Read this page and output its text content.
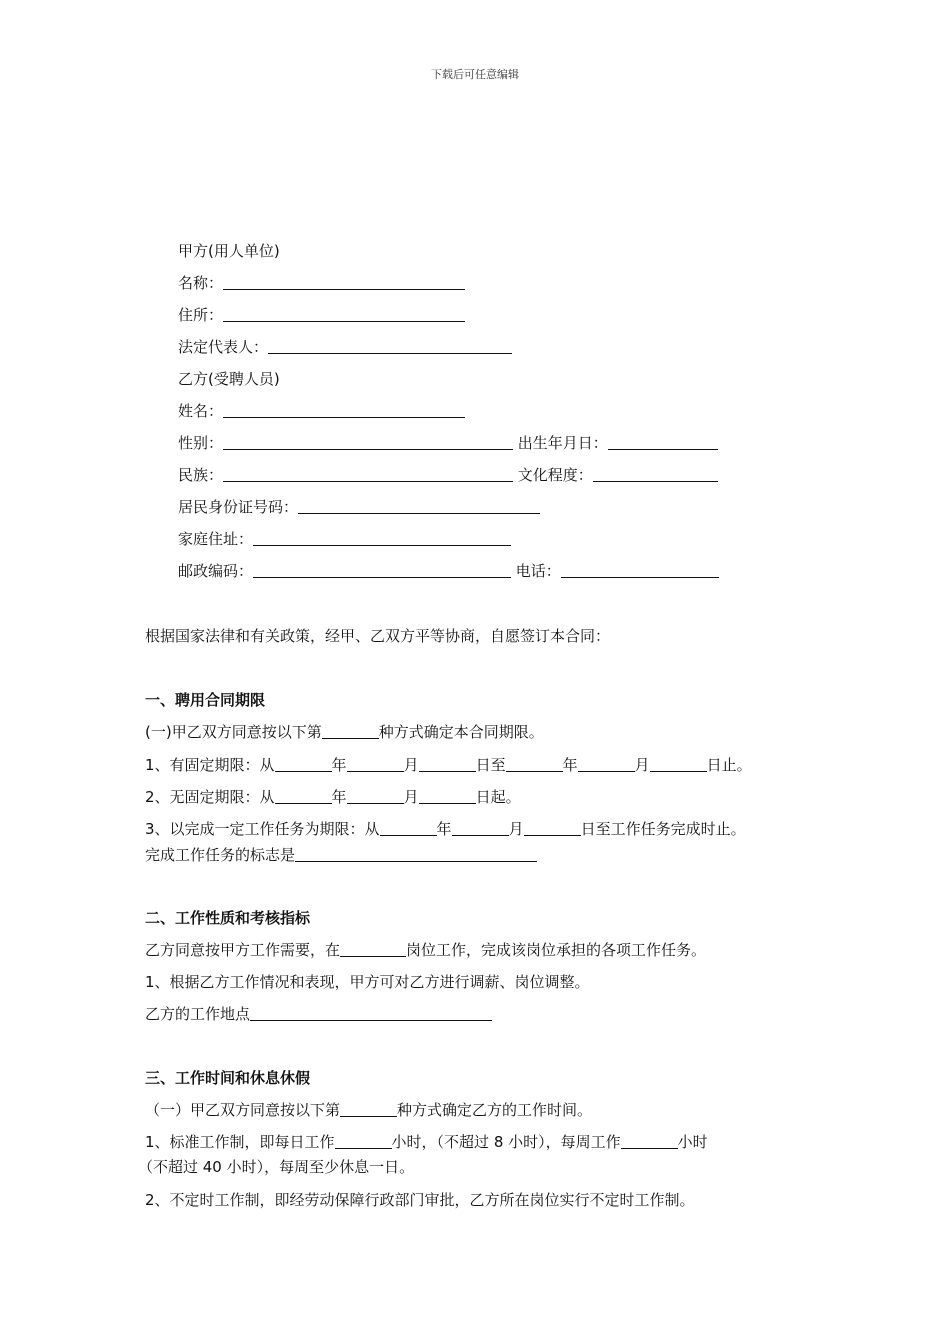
下载后可任意编辑
甲方(用人单位)
名称：
住所：
法定代表人：
乙方(受聘人员)
姓名：
性别：	出生年月日：
民族：	文化程度：
居民身份证号码：
家庭住址：
邮政编码：	电话：
根据国家法律和有关政策，经甲、乙双方平等协商，自愿签订本合同：
一、聘用合同期限
(一)甲乙双方同意按以下第	种方式确定本合同期限。
1、有固定期限：从	年	月	日至	年	月	日止。
2、无固定期限：从	年	月	日起。
3、以完成一定工作任务为期限：从	年	月	日至工作任务完成时止。
完成工作任务的标志是
二、工作性质和考核指标
乙方同意按甲方工作需要，在	岗位工作，完成该岗位承担的各项工作任务。
1、根据乙方工作情况和表现，甲方可对乙方进行调薪、岗位调整。
乙方的工作地点
三、工作时间和休息休假
（一）甲乙双方同意按以下第	种方式确定乙方的工作时间。
1、标准工作制，即每日工作	小时，（不超过 8 小时），每周工作	小时
（不超过 40 小时），每周至少休息一日。
2、不定时工作制，即经劳动保障行政部门审批，乙方所在岗位实行不定时工作制。
